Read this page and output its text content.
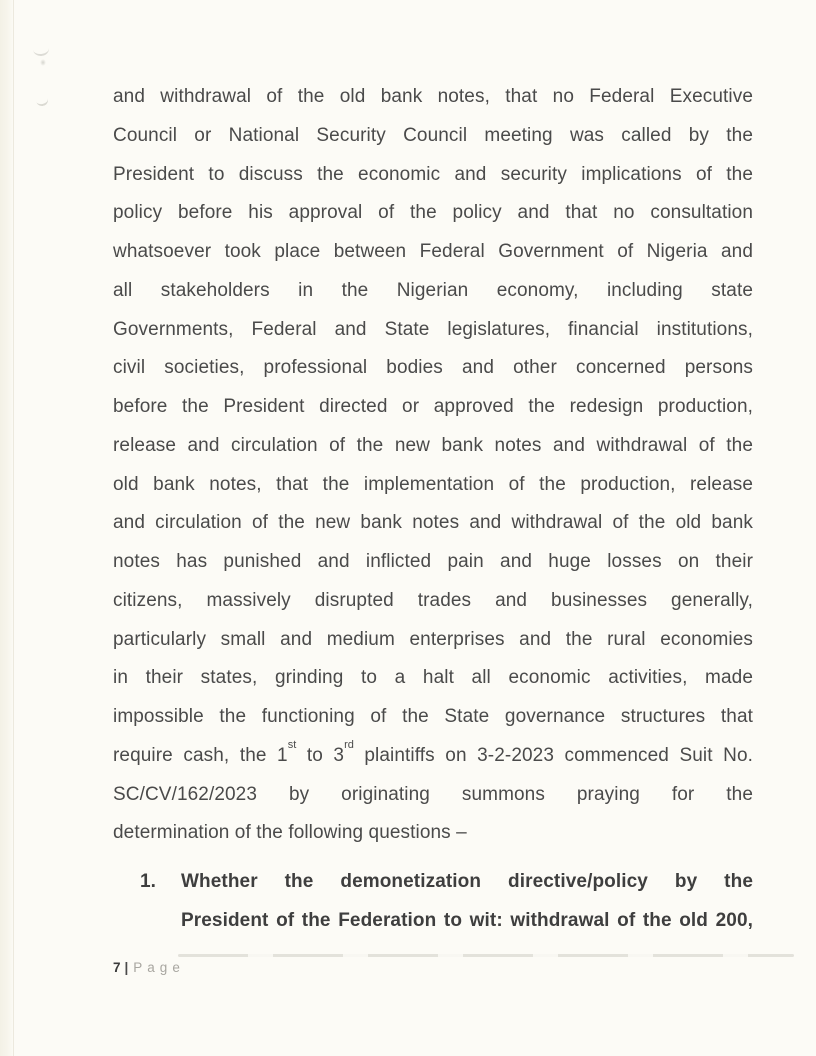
and withdrawal of the old bank notes, that no Federal Executive
Council or National Security Council meeting was called by the
President to discuss the economic and security implications of the
policy before his approval of the policy and that no consultation
whatsoever took place between Federal Government of Nigeria and
all stakeholders in the Nigerian economy, including state
Governments, Federal and State legislatures, financial institutions,
civil societies, professional bodies and other concerned persons
before the President directed or approved the redesign production,
release and circulation of the new bank notes and withdrawal of the
old bank notes, that the implementation of the production, release
and circulation of the new bank notes and withdrawal of the old bank
notes has punished and inflicted pain and huge losses on their
citizens, massively disrupted trades and businesses generally,
particularly small and medium enterprises and the rural economies
in their states, grinding to a halt all economic activities, made
impossible the functioning of the State governance structures that
require cash, the 1st to 3rd plaintiffs on 3-2-2023 commenced Suit No.
SC/CV/162/2023 by originating summons praying for the
determination of the following questions –
1.	Whether the demonetization directive/policy by the
President of the Federation to wit: withdrawal of the old 200,
7 | Page
